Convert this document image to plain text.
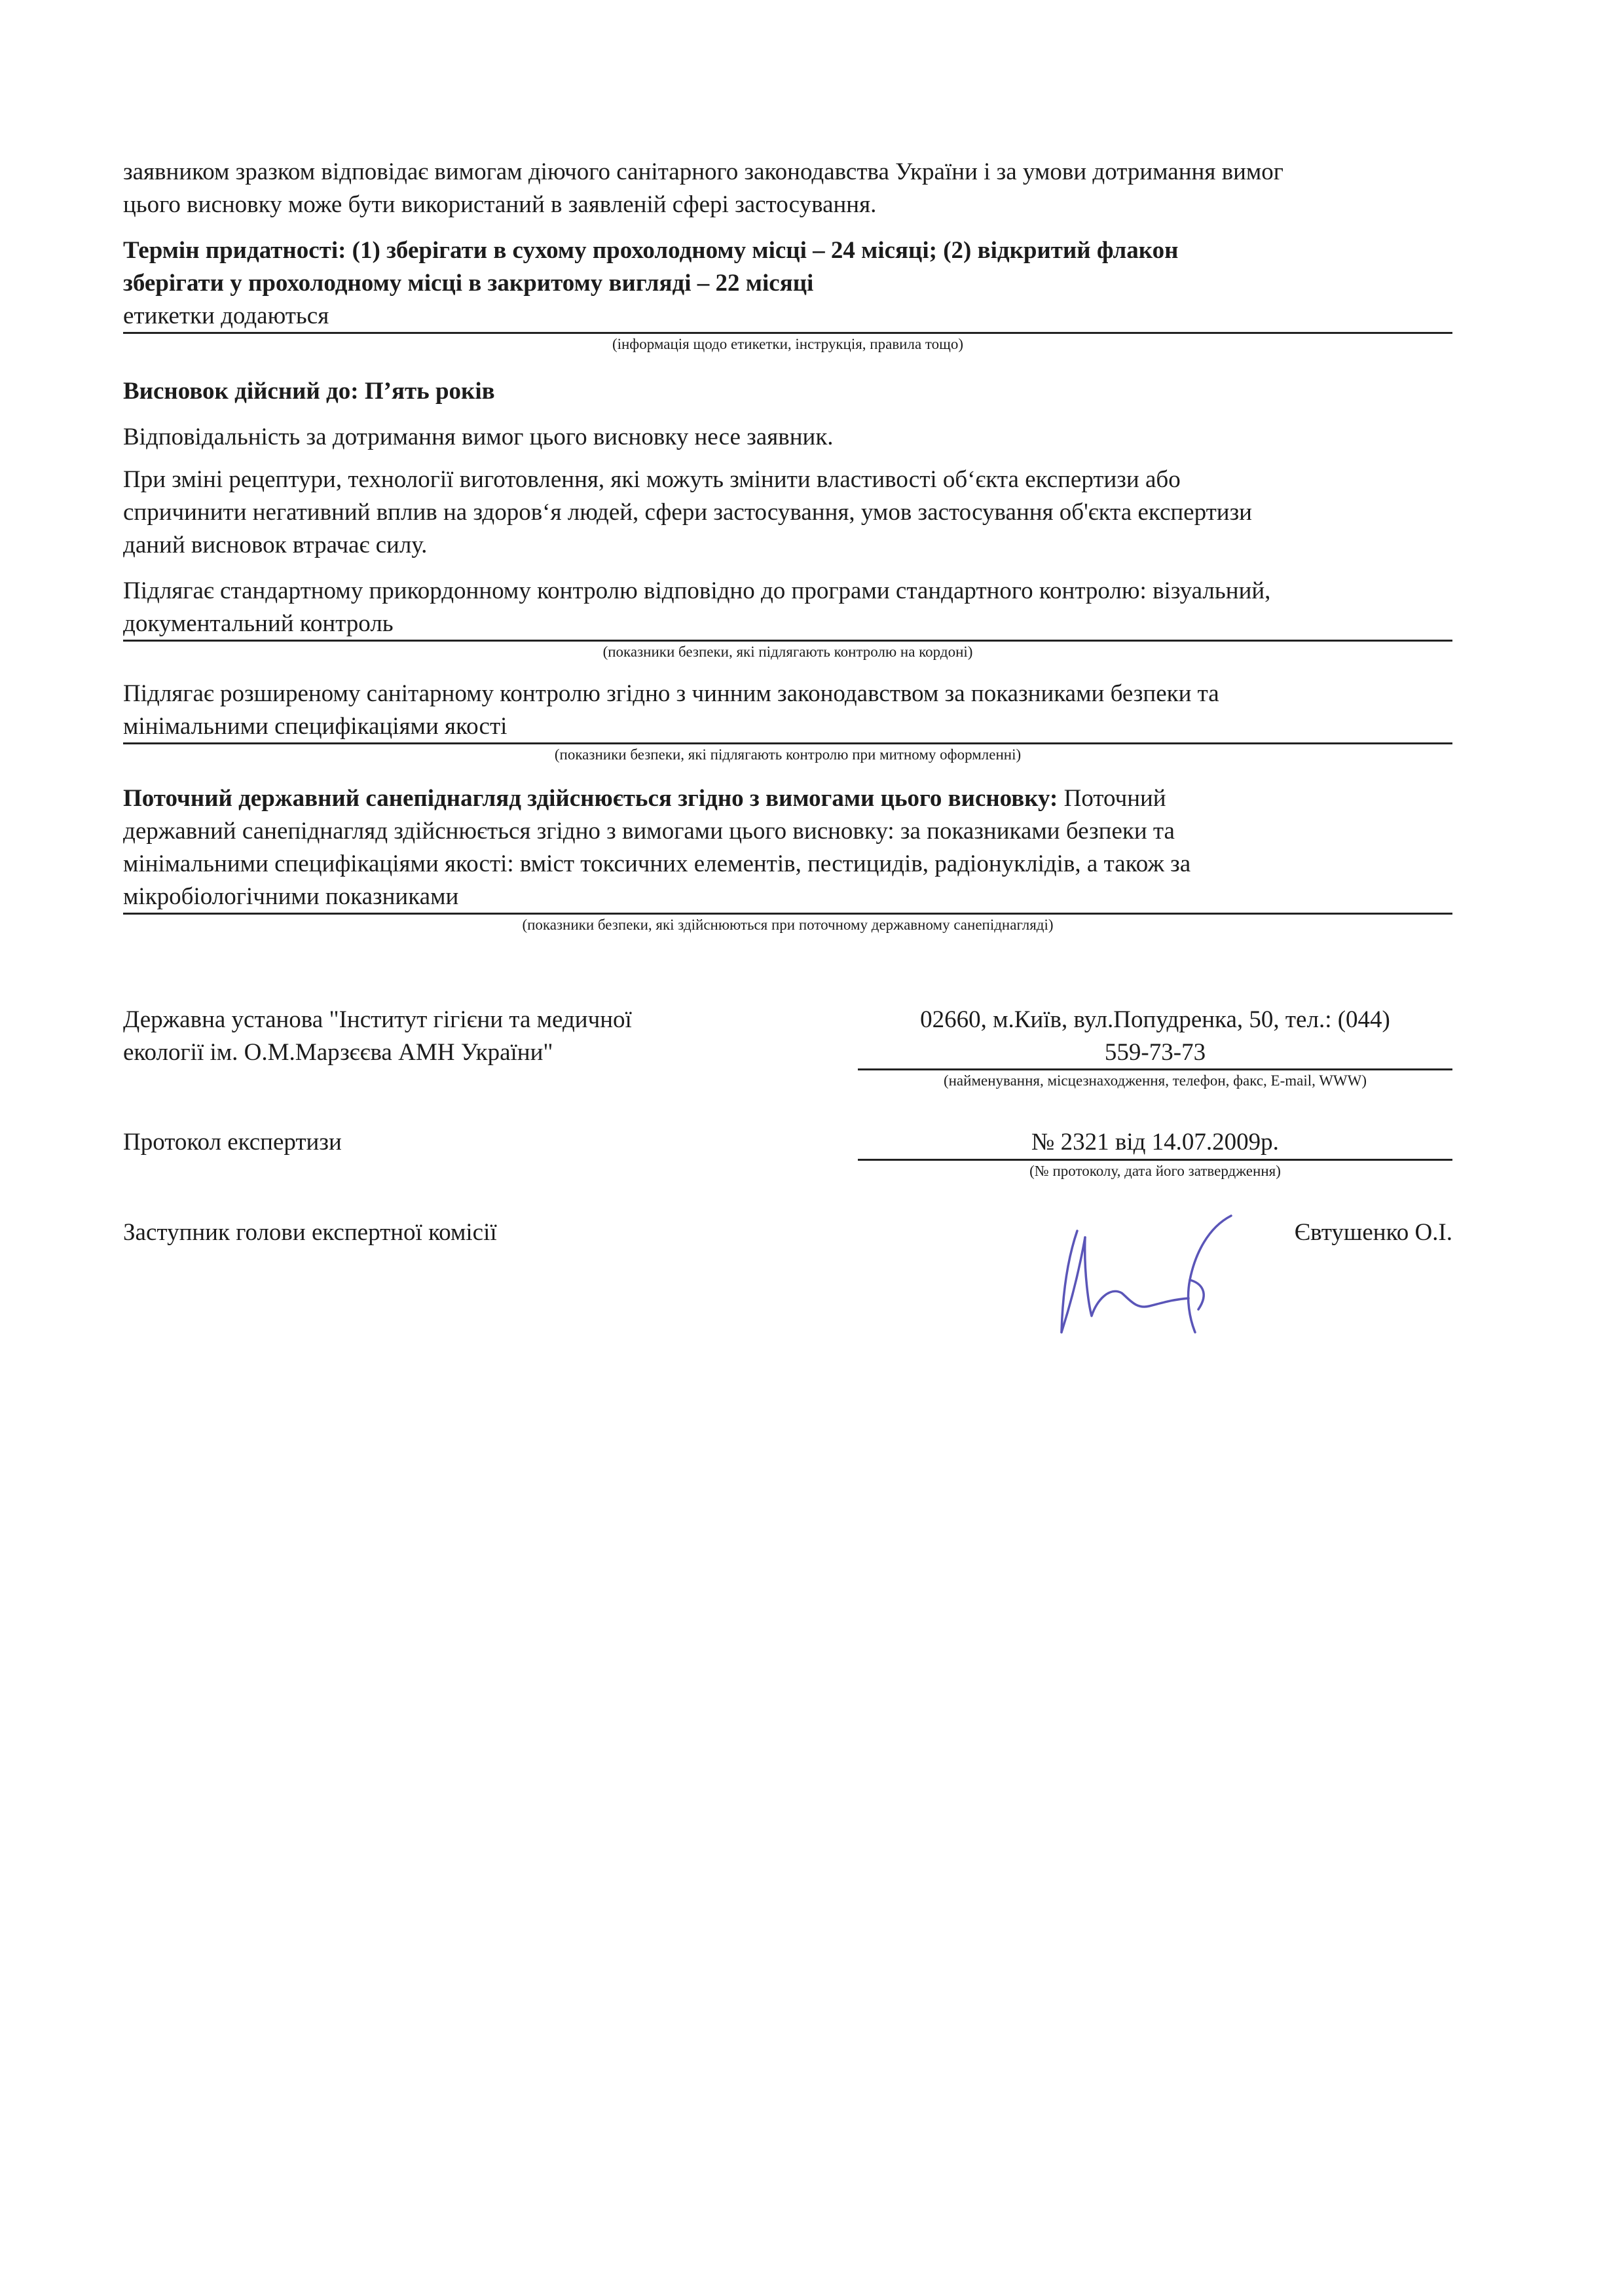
заявником зразком відповідає вимогам діючого санітарного законодавства України і за умови дотримання вимог

цього висновку може бути використаний в заявленій сфері застосування.

Термін придатності: (1) зберігати в сухому прохолодному місці – 24 місяці; (2) відкритий флакон

зберігати у прохолодному місці в закритому вигляді – 22 місяці

етикетки додаються

(інформація щодо етикетки, інструкція, правила тощо)

Висновок дійсний до: П’ять років

Відповідальність за дотримання вимог цього висновку несе заявник.

При зміні рецептури, технології виготовлення, які можуть змінити властивості об‘єкта експертизи або

спричинити негативний вплив на здоров‘я людей, сфери застосування, умов застосування об'єкта експертизи

даний висновок втрачає силу.

Підлягає стандартному прикордонному контролю відповідно до програми стандартного контролю: візуальний,

документальний контроль

(показники безпеки, які підлягають контролю на кордоні)

Підлягає розширеному санітарному контролю згідно з чинним законодавством за показниками безпеки та

мінімальними специфікаціями якості

(показники безпеки, які підлягають контролю при митному оформленні)

Поточний державний санепіднагляд здійснюється згідно з вимогами цього висновку: Поточний

державний санепіднагляд здійснюється згідно з вимогами цього висновку: за показниками безпеки та

мінімальними специфікаціями якості: вміст токсичних елементів, пестицидів, радіонуклідів, а також за

мікробіологічними показниками

(показники безпеки, які здійснюються при поточному державному санепіднагляді)

Державна установа "Інститут гігієни та медичної

екології ім. О.М.Марзєєва АМН України"

02660, м.Київ, вул.Попудренка, 50, тел.: (044)

559-73-73

(найменування, місцезнаходження, телефон, факс, E-mail, WWW)

Протокол експертизи	№ 2321 від 14.07.2009р.

(№ протоколу, дата його затвердження)

Заступник голови експертної комісії	Євтушенко О.І.
